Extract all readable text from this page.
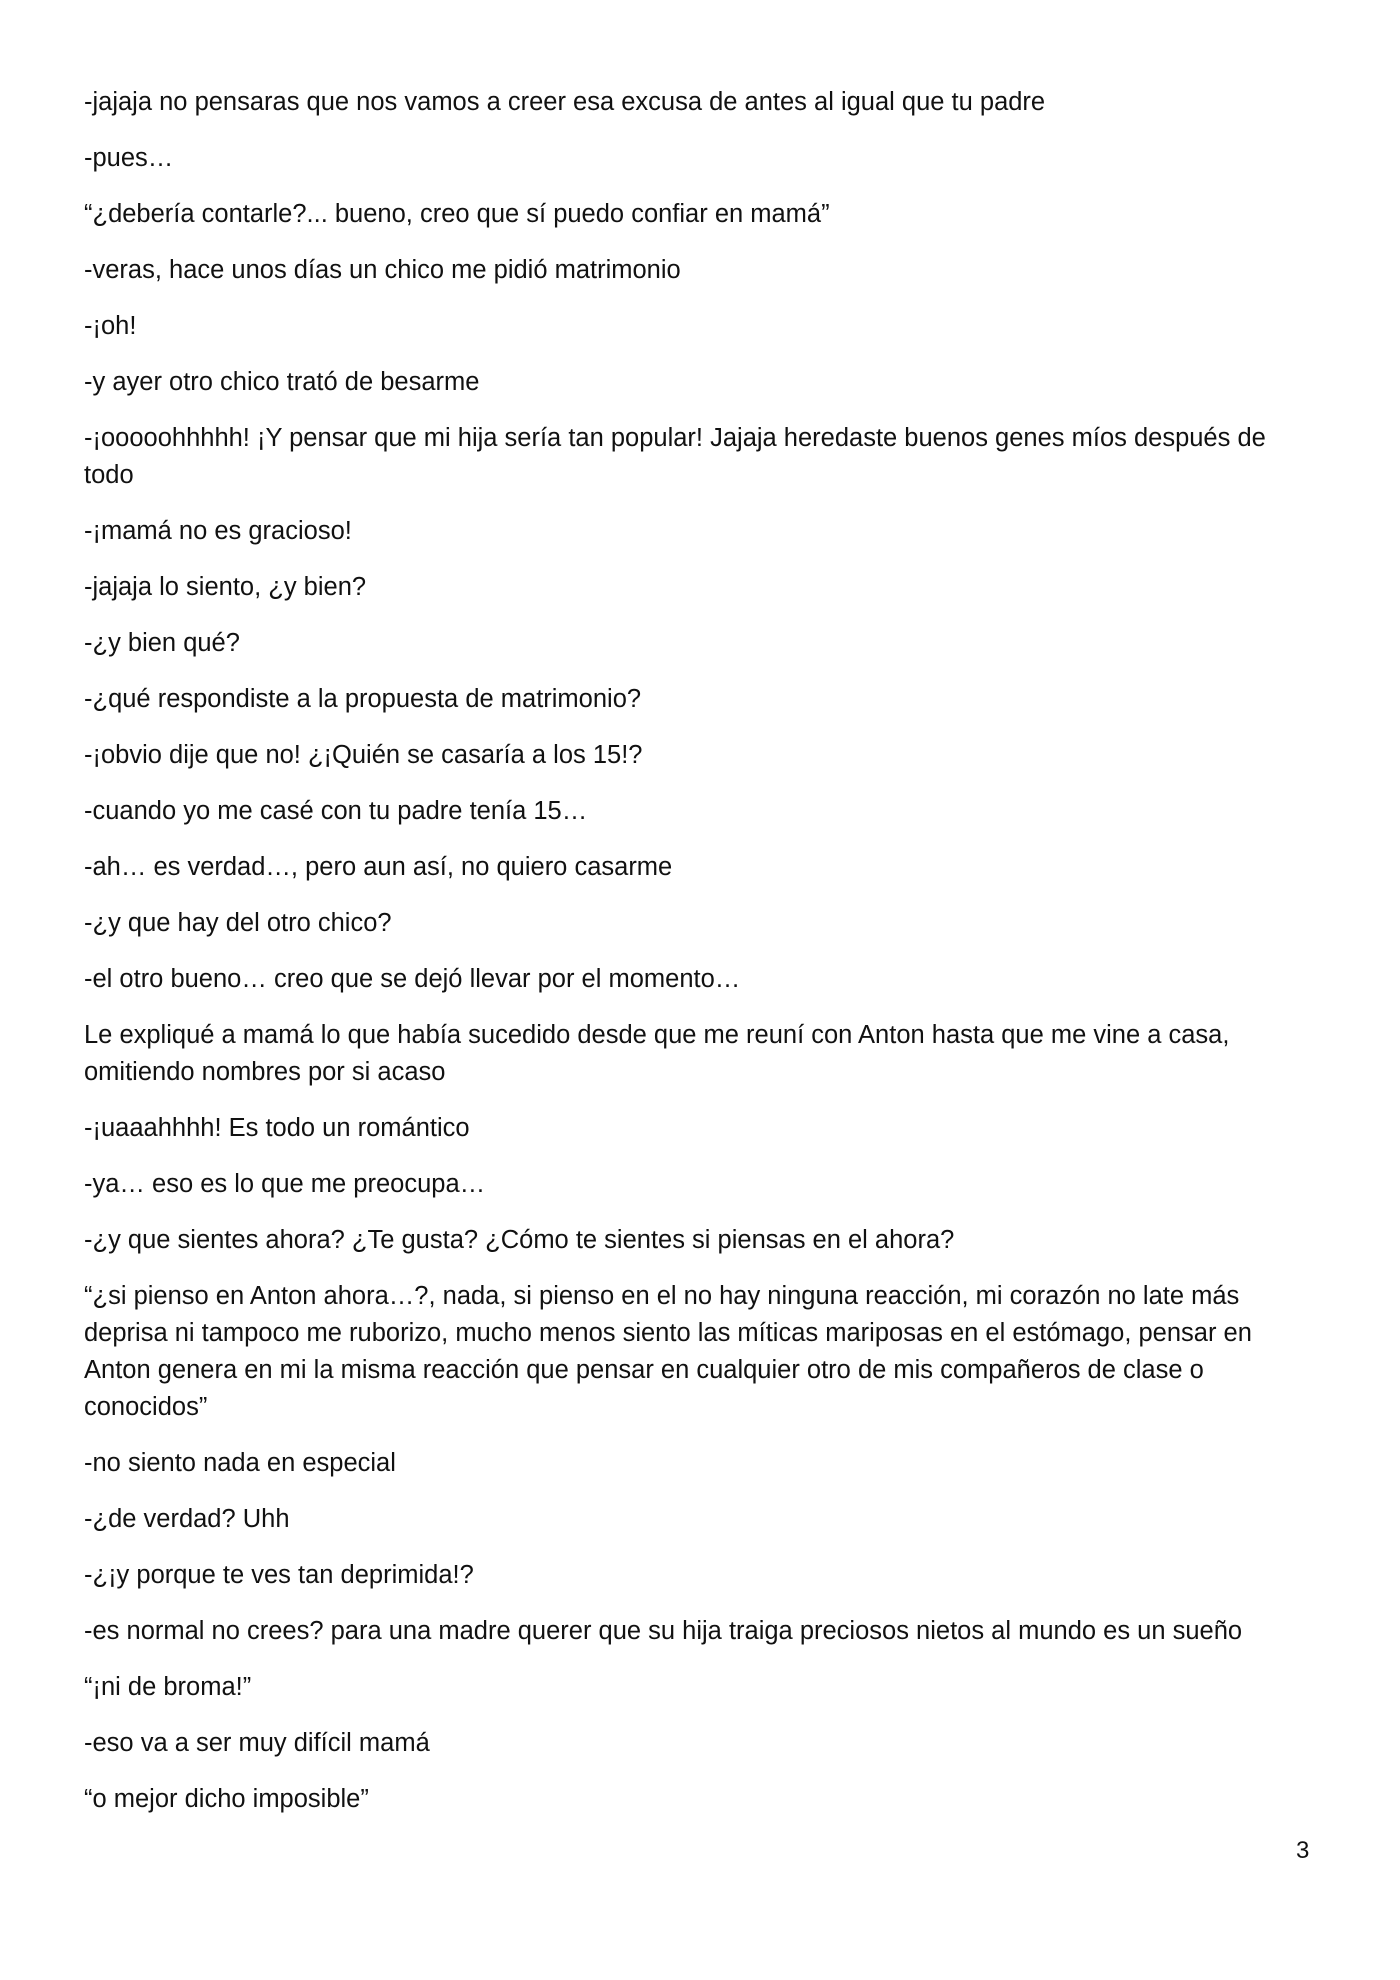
-jajaja no pensaras que nos vamos a creer esa excusa de antes al igual que tu padre

-pues…

“¿debería contarle?... bueno, creo que sí puedo confiar en mamá”

-veras, hace unos días un chico me pidió matrimonio

-¡oh!

-y ayer otro chico trató de besarme

-¡ooooohhhhh! ¡Y pensar que mi hija sería tan popular! Jajaja heredaste buenos genes míos después de todo

-¡mamá no es gracioso!

-jajaja lo siento, ¿y bien?

-¿y bien qué?

-¿qué respondiste a la propuesta de matrimonio?

-¡obvio dije que no! ¿¡Quién se casaría a los 15!?

-cuando yo me casé con tu padre tenía 15…

-ah… es verdad…, pero aun así, no quiero casarme

-¿y que hay del otro chico?

-el otro bueno… creo que se dejó llevar por el momento…

Le expliqué a mamá lo que había sucedido desde que me reuní con Anton hasta que me vine a casa, omitiendo nombres por si acaso

-¡uaaahhhh! Es todo un romántico

-ya… eso es lo que me preocupa…

-¿y que sientes ahora? ¿Te gusta? ¿Cómo te sientes si piensas en el ahora?

“¿si pienso en Anton ahora…?, nada, si pienso en el no hay ninguna reacción, mi corazón no late más deprisa ni tampoco me ruborizo, mucho menos siento las míticas mariposas en el estómago, pensar en Anton genera en mi la misma reacción que pensar en cualquier otro de mis compañeros de clase o conocidos”

-no siento nada en especial

-¿de verdad? Uhh

-¿¡y porque te ves tan deprimida!?

-es normal no crees? para una madre querer que su hija traiga preciosos nietos al mundo es un sueño

“¡ni de broma!”

-eso va a ser muy difícil mamá

“o mejor dicho imposible”

3
